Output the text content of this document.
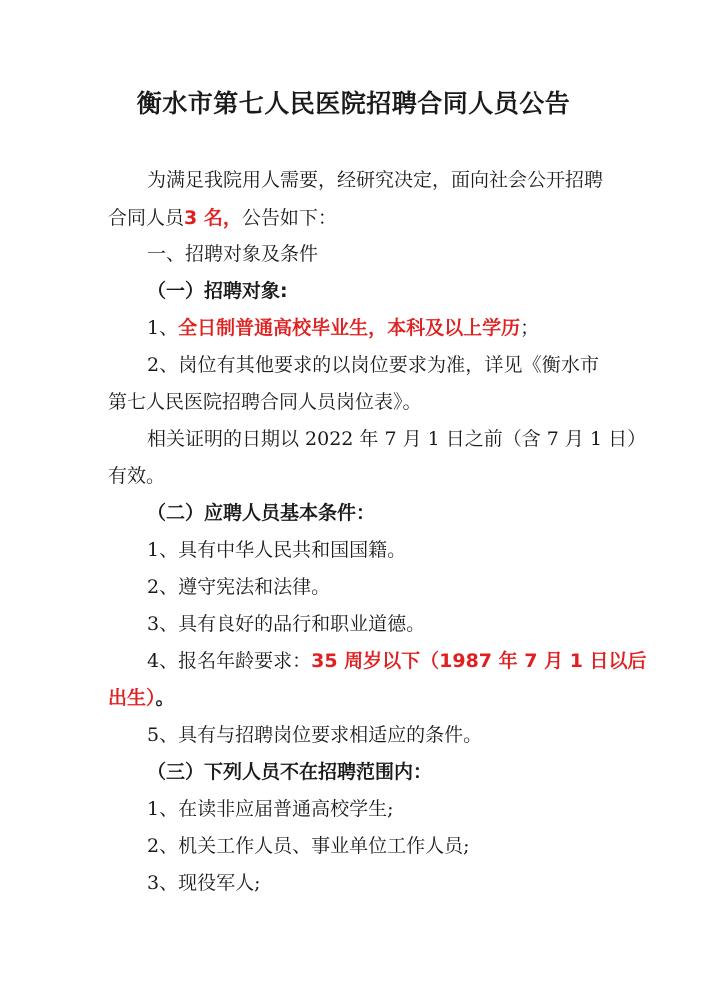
衡水市第七人民医院招聘合同人员公告
为满足我院用人需要，经研究决定，面向社会公开招聘
合同人员3 名，公告如下：
一、招聘对象及条件
（一）招聘对象:
1、全日制普通高校毕业生，本科及以上学历；
2、岗位有其他要求的以岗位要求为准，详见《衡水市
第七人民医院招聘合同人员岗位表》。
相关证明的日期以 2022 年 7 月 1 日之前（含 7 月 1 日）
有效。
（二）应聘人员基本条件：
1、具有中华人民共和国国籍。
2、遵守宪法和法律。
3、具有良好的品行和职业道德。
4、报名年龄要求：35 周岁以下（1987 年 7 月 1 日以后
出生）。
5、具有与招聘岗位要求相适应的条件。
（三）下列人员不在招聘范围内：
1、在读非应届普通高校学生;
2、机关工作人员、事业单位工作人员;
3、现役军人;
